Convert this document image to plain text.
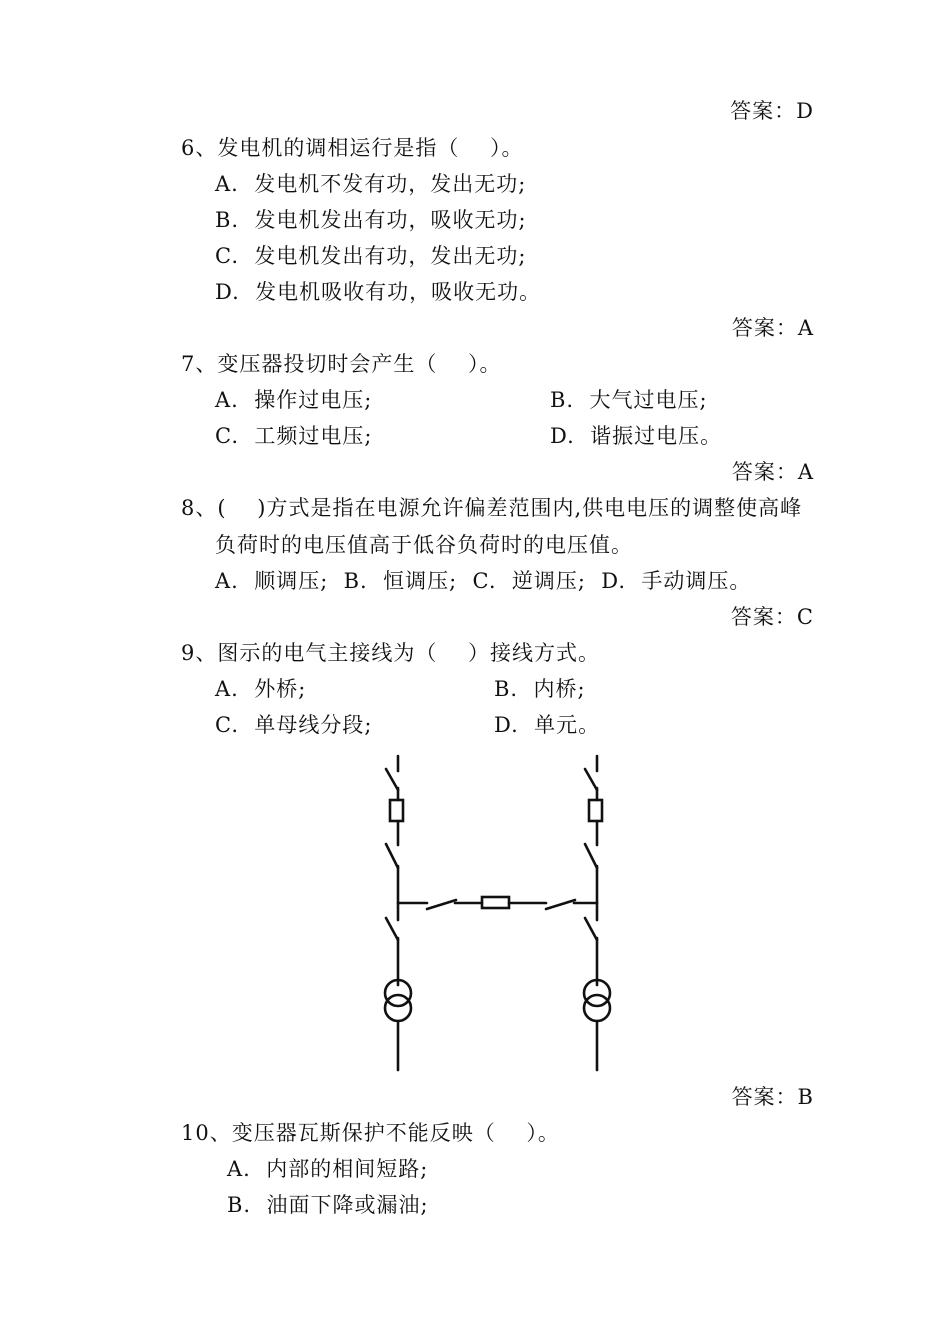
答案：D
6、发电机的调相运行是指（    ）。
A.  发电机不发有功，发出无功;
B.  发电机发出有功，吸收无功;
C.  发电机发出有功，发出无功;
D.  发电机吸收有功，吸收无功。
答案：A
7、变压器投切时会产生（    ）。
A.  操作过电压;	B.  大气过电压;
C.  工频过电压;	D.  谐振过电压。
答案：A
8、(    )方式是指在电源允许偏差范围内,供电电压的调整使高峰
负荷时的电压值高于低谷负荷时的电压值。
A.  顺调压;  B.  恒调压;  C.  逆调压;  D.  手动调压。
答案：C
9、图示的电气主接线为（    ）接线方式。
A.  外桥;	B.  内桥;
C.  单母线分段;	D.  单元。
答案：B
10、变压器瓦斯保护不能反映（    ）。
A.  内部的相间短路;
B.  油面下降或漏油;
